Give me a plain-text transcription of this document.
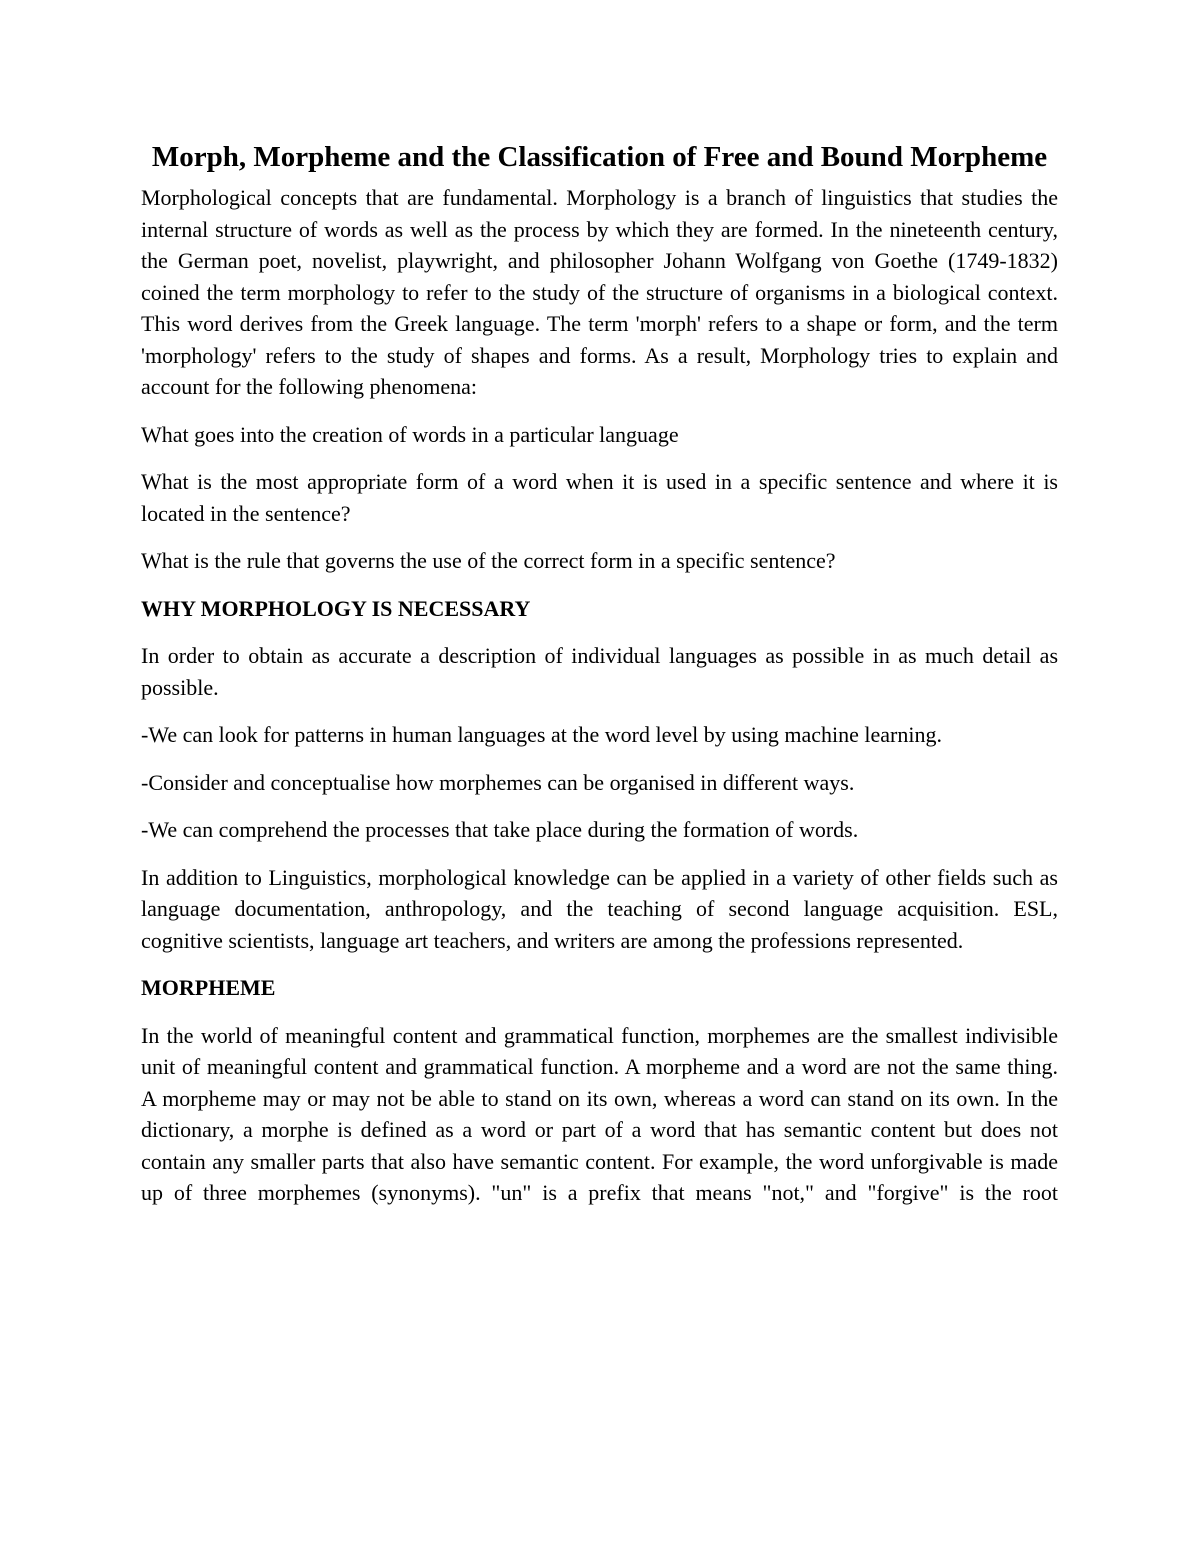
Morph, Morpheme and the Classification of Free and Bound Morpheme

Morphological concepts that are fundamental. Morphology is a branch of linguistics that studies the internal structure of words as well as the process by which they are formed. In the nineteenth century, the German poet, novelist, playwright, and philosopher Johann Wolfgang von Goethe (1749-1832) coined the term morphology to refer to the study of the structure of organisms in a biological context. This word derives from the Greek language. The term 'morph' refers to a shape or form, and the term 'morphology' refers to the study of shapes and forms. As a result, Morphology tries to explain and account for the following phenomena:

What goes into the creation of words in a particular language

What is the most appropriate form of a word when it is used in a specific sentence and where it is located in the sentence?

What is the rule that governs the use of the correct form in a specific sentence?

WHY MORPHOLOGY IS NECESSARY

In order to obtain as accurate a description of individual languages as possible in as much detail as possible.

-We can look for patterns in human languages at the word level by using machine learning.

-Consider and conceptualise how morphemes can be organised in different ways.

-We can comprehend the processes that take place during the formation of words.

In addition to Linguistics, morphological knowledge can be applied in a variety of other fields such as language documentation, anthropology, and the teaching of second language acquisition. ESL, cognitive scientists, language art teachers, and writers are among the professions represented.

MORPHEME

In the world of meaningful content and grammatical function, morphemes are the smallest indivisible unit of meaningful content and grammatical function. A morpheme and a word are not the same thing. A morpheme may or may not be able to stand on its own, whereas a word can stand on its own. In the dictionary, a morphe is defined as a word or part of a word that has semantic content but does not contain any smaller parts that also have semantic content. For example, the word unforgivable is made up of three morphemes (synonyms). "un" is a prefix that means "not," and "forgive" is the root
